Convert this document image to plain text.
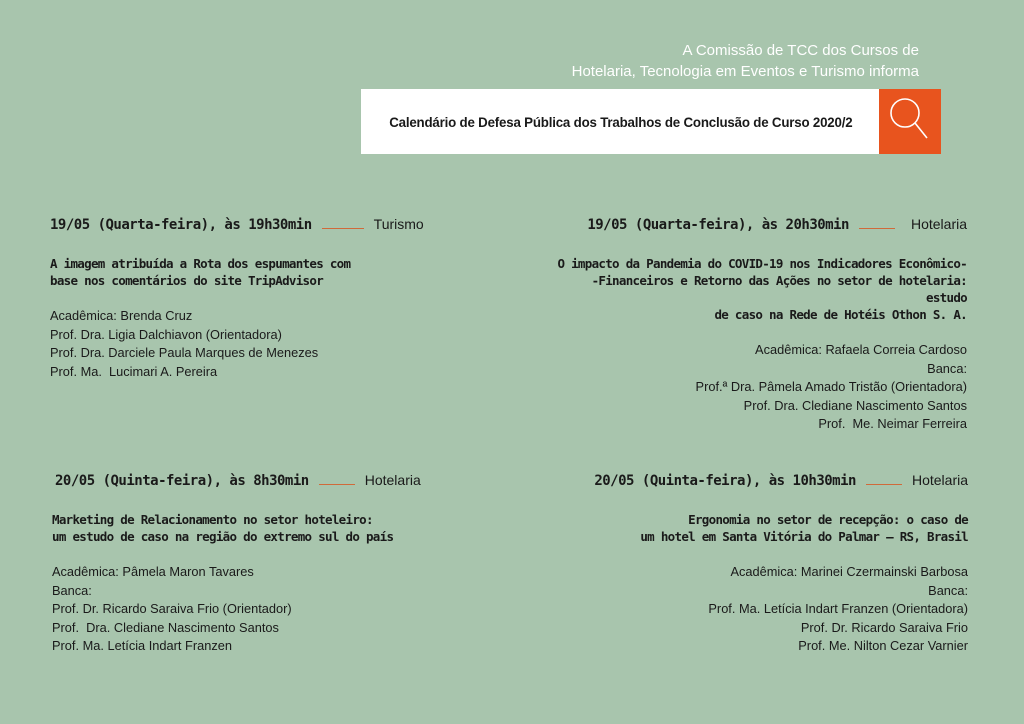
A Comissão de TCC dos Cursos de
Hotelaria, Tecnologia em Eventos e Turismo informa
Calendário de Defesa Pública dos Trabalhos de Conclusão de Curso 2020/2
19/05 (Quarta-feira), às 19h30min	Turismo
A imagem atribuída a Rota dos espumantes com
base nos comentários do site TripAdvisor
Acadêmica: Brenda Cruz
Prof. Dra. Ligia Dalchiavon (Orientadora)
Prof. Dra. Darciele Paula Marques de Menezes
Prof. Ma.  Lucimari A. Pereira
19/05 (Quarta-feira), às 20h30min	Hotelaria
O impacto da Pandemia do COVID-19 nos Indicadores Econômico-
-Financeiros e Retorno das Ações no setor de hotelaria: estudo
de caso na Rede de Hotéis Othon S. A.
Acadêmica: Rafaela Correia Cardoso
Banca:
Prof.ª Dra. Pâmela Amado Tristão (Orientadora)
Prof. Dra. Clediane Nascimento Santos
Prof.  Me. Neimar Ferreira
20/05 (Quinta-feira), às 8h30min	Hotelaria
Marketing de Relacionamento no setor hoteleiro:
um estudo de caso na região do extremo sul do país
Acadêmica: Pâmela Maron Tavares
Banca:
Prof. Dr. Ricardo Saraiva Frio (Orientador)
Prof.  Dra. Clediane Nascimento Santos
Prof. Ma. Letícia Indart Franzen
20/05 (Quinta-feira), às 10h30min	Hotelaria
Ergonomia no setor de recepção: o caso de
um hotel em Santa Vitória do Palmar – RS, Brasil
Acadêmica: Marinei Czermainski Barbosa
Banca:
Prof. Ma. Letícia Indart Franzen (Orientadora)
Prof. Dr. Ricardo Saraiva Frio
Prof. Me. Nilton Cezar Varnier
